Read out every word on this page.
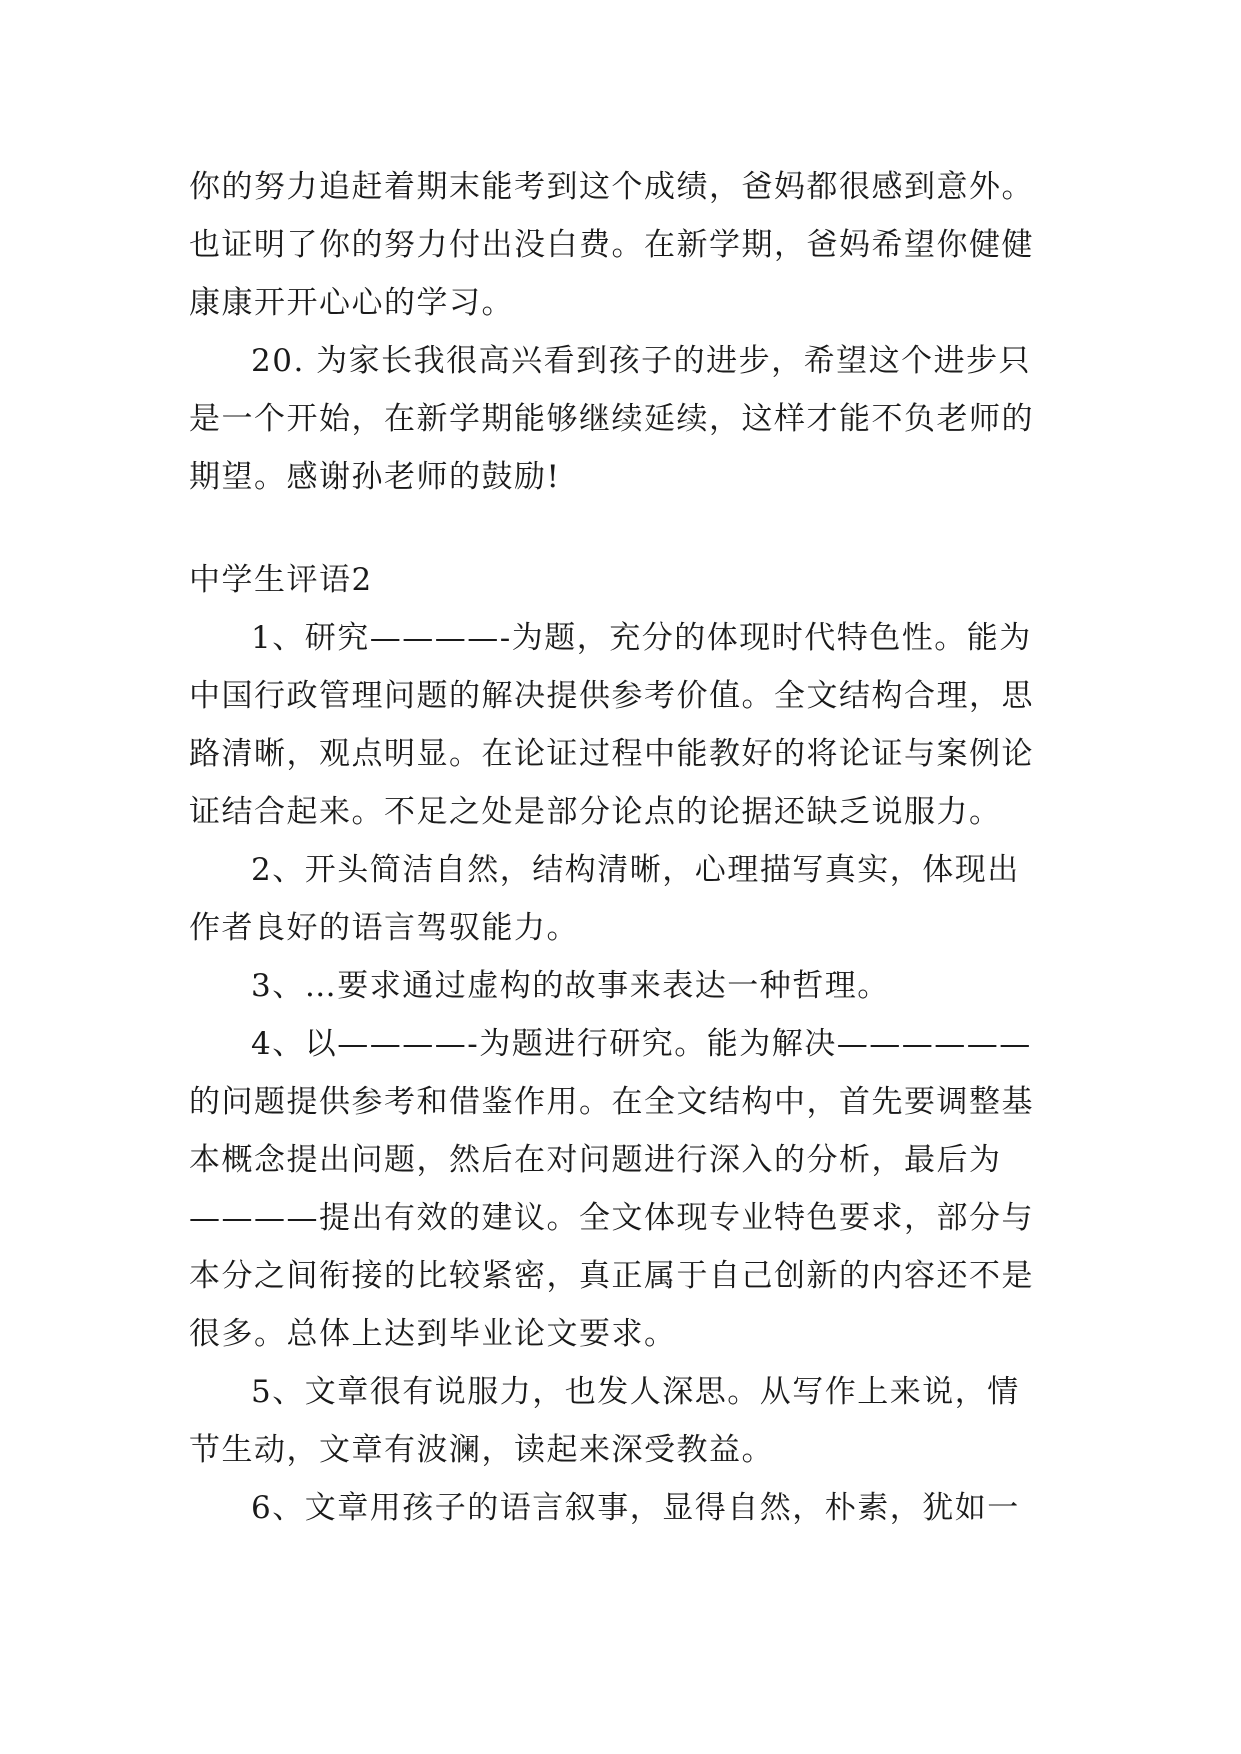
你的努力追赶着期末能考到这个成绩，爸妈都很感到意外。也证明了你的努力付出没白费。在新学期，爸妈希望你健健康康开开心心的学习。

20. 为家长我很高兴看到孩子的进步，希望这个进步只是一个开始，在新学期能够继续延续，这样才能不负老师的期望。感谢孙老师的鼓励!

中学生评语2

1、研究————-为题，充分的体现时代特色性。能为中国行政管理问题的解决提供参考价值。全文结构合理，思路清晰，观点明显。在论证过程中能教好的将论证与案例论证结合起来。不足之处是部分论点的论据还缺乏说服力。

2、开头简洁自然，结构清晰，心理描写真实，体现出作者良好的语言驾驭能力。

3、…要求通过虚构的故事来表达一种哲理。

4、以————-为题进行研究。能为解决——————的问题提供参考和借鉴作用。在全文结构中，首先要调整基本概念提出问题，然后在对问题进行深入的分析，最后为————提出有效的建议。全文体现专业特色要求，部分与本分之间衔接的比较紧密，真正属于自己创新的内容还不是很多。总体上达到毕业论文要求。

5、文章很有说服力，也发人深思。从写作上来说，情节生动，文章有波澜，读起来深受教益。

6、文章用孩子的语言叙事，显得自然，朴素，犹如一
